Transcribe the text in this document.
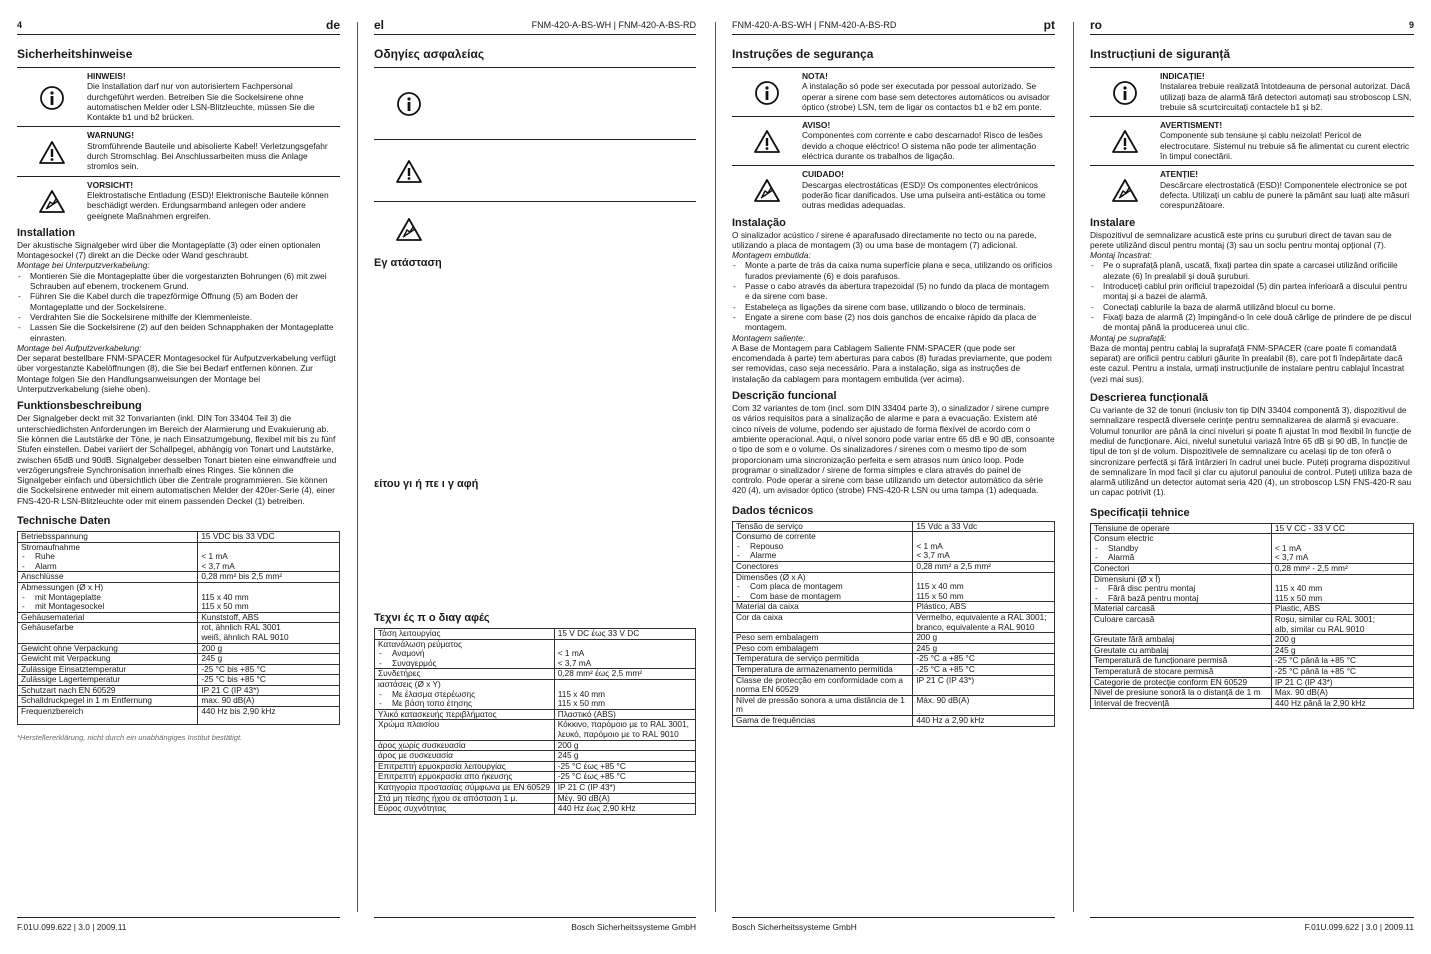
4	de
Sicherheitshinweise
HINWEIS!
Die Installation darf nur von autorisiertem Fachpersonal durchgeführt werden. Betreiben Sie die Sockelsirene ohne automatischen Melder oder LSN-Blitzleuchte, müssen Sie die Kontakte b1 und b2 brücken.
WARNUNG!
Stromführende Bauteile und abisolierte Kabel! Verletzungsgefahr durch Stromschlag. Bei Anschlussarbeiten muss die Anlage stromlos sein.
VORSICHT!
Elektrostatische Entladung (ESD)! Elektronische Bauteile können beschädigt werden. Erdungsarmband anlegen oder andere geeignete Maßnahmen ergreifen.
Installation

Der akustische Signalgeber wird über die Montageplatte (3) oder einen optionalen Montagesockel (7) direkt an die Decke oder Wand geschraubt.

Montage bei Unterputzverkabelung:

- Montieren Sie die Montageplatte über die vorgestanzten Bohrungen (6) mit zwei Schrauben auf ebenem, trockenem Grund.
- Führen Sie die Kabel durch die trapezförmige Öffnung (5) am Boden der Montageplatte und der Sockelsirene.
- Verdrahten Sie die Sockelsirene mithilfe der Klemmenleiste.
- Lassen Sie die Sockelsirene (2) auf den beiden Schnapphaken der Montageplatte einrasten.

Montage bei Aufputzverkabelung:

Der separat bestellbare FNM-SPACER Montagesockel für Aufputzverkabelung verfügt über vorgestanzte Kabelöffnungen (8), die Sie bei Bedarf entfernen können. Zur Montage folgen Sie den Handlungsanweisungen der Montage bei Unterputzverkabelung (siehe oben).

Funktionsbeschreibung

Der Signalgeber deckt mit 32 Tonvarianten (inkl. DIN Ton 33404 Teil 3) die unterschiedlichsten Anforderungen im Bereich der Alarmierung und Evakuierung ab. Sie können die Lautstärke der Töne, je nach Einsatzumgebung, flexibel mit bis zu fünf Stufen einstellen. Dabei variiert der Schallpegel, abhängig von Tonart und Lautstärke, zwischen 65dB und 90dB. Signalgeber desselben Tonart bieten eine einwandfreie und verzögerungsfreie Synchronisation innerhalb eines Ringes. Sie können die Signalgeber einfach und übersichtlich über die Zentrale programmieren. Sie können die Sockelsirene entweder mit einem automatischen Melder der 420er-Serie (4), einer FNS-420-R LSN-Blitzleuchte oder mit einem passenden Deckel (1) betreiben.

Technische Daten
Betriebsspannung	15 VDC bis 33 VDC
Stromaufnahme
- Ruhe
- Alarm	< 1 mA
< 3,7 mA
Anschlüsse	0,28 mm² bis 2,5 mm²
Abmessungen (Ø x H)
- mit Montageplatte
- mit Montagesockel	115 x 40 mm
115 x 50 mm
Gehäusematerial	Kunststoff, ABS
Gehäusefarbe	rot, ähnlich RAL 3001
weiß, ähnlich RAL 9010
Gewicht ohne Verpackung	200 g
Gewicht mit Verpackung	245 g
Zulässige Einsatztemperatur	-25 °C bis +85 °C
Zulässige Lagertemperatur	-25 °C bis +85 °C
Schutzart nach EN 60529	IP 21 C (IP 43*)
Schalldruckpegel in 1 m Entfernung	max. 90 dB(A)
Frequenzbereich	440 Hz bis 2,90 kHz

*Herstellererklärung, nicht durch ein unabhängiges Institut bestätigt.

F.01U.099.622 | 3.0 | 2009.11
el	FNM-420-A-BS-WH | FNM-420-A-BS-RD
Οδηγίες ασφαλείας
Εγ ατάσταση
είτου γι ή πε ι γ αφή
Τεχνι ές π ο διαγ αφές
Τάση λειτουργίας	15 V DC έως 33 V DC
Κατανάλωση ρεύματος
- Αναμονή
- Συναγερμός	< 1 mA
< 3,7 mA
Συνδετήρες	0,28 mm² έως 2,5 mm²
ιαστάσεις (Ø x Y)
- Με έλασμα στερέωσης
- Με βάση τοπο έτησης	115 x 40 mm
115 x 50 mm
Υλικό κατασκευής περιβλήματος	Πλαστικό (ABS)
Χρώμα πλαισίου	Κόκκινο, παρόμοιο με το RAL 3001,
λευκό, παρόμοιο με το RAL 9010
άρος χωρίς συσκευασία	200 g
άρος με συσκευασία	245 g
Επιτρεπτή ερμοκρασία λειτουργίας	-25 °C έως +85 °C
Επιτρεπτή ερμοκρασία απο ήκευσης	-25 °C έως +85 °C
Κατηγορία προστασίας σύμφωνα με EN 60529	IP 21 C (IP 43*)
Στά μη πίεσης ήχου σε απόσταση 1 μ.	Μέγ. 90 dB(A)
Εύρος συχνότητας	440 Hz έως 2,90 kHz
Bosch Sicherheitssysteme GmbH
FNM-420-A-BS-WH | FNM-420-A-BS-RD	pt
Instruções de segurança
NOTA!
A instalação só pode ser executada por pessoal autorizado. Se operar a sirene com base sem detectores automáticos ou avisador óptico (strobe) LSN, tem de ligar os contactos b1 e b2 em ponte.
AVISO!
Componentes com corrente e cabo descarnado! Risco de lesões devido a choque eléctrico! O sistema não pode ter alimentação eléctrica durante os trabalhos de ligação.
CUIDADO!
Descargas electrostáticas (ESD)! Os componentes electrónicos poderão ficar danificados. Use uma pulseira anti-estática ou tome outras medidas adequadas.
Instalação

O sinalizador acústico / sirene é aparafusado directamente no tecto ou na parede, utilizando a placa de montagem (3) ou uma base de montagem (7) adicional.

Montagem embutida:

- Monte a parte de trás da caixa numa superfície plana e seca, utilizando os orifícios furados previamente (6) e dois parafusos.
- Passe o cabo através da abertura trapezoidal (5) no fundo da placa de montagem e da sirene com base.
- Estabeleça as ligações da sirene com base, utilizando o bloco de terminais.
- Engate a sirene com base (2) nos dois ganchos de encaixe rápido da placa de montagem.

Montagem saliente:

A Base de Montagem para Cablagem Saliente FNM-SPACER (que pode ser encomendada à parte) tem aberturas para cabos (8) furadas previamente, que podem ser removidas, caso seja necessário. Para a instalação, siga as instruções de instalação da cablagem para montagem embutida (ver acima).

Descrição funcional

Com 32 variantes de tom (incl. som DIN 33404 parte 3), o sinalizador / sirene cumpre os vários requisitos para a sinalização de alarme e para a evacuação. Existem até cinco níveis de volume, podendo ser ajustado de forma flexível de acordo com o ambiente operacional. Aqui, o nível sonoro pode variar entre 65 dB e 90 dB, consoante o tipo de som e o volume. Os sinalizadores / sirenes com o mesmo tipo de som proporcionam uma sincronização perfeita e sem atrasos num único loop. Pode programar o sinalizador / sirene de forma simples e clara através do painel de controlo. Pode operar a sirene com base utilizando um detector automático da série 420 (4), um avisador óptico (strobe) FNS-420-R LSN ou uma tampa (1) adequada.

Dados técnicos
Tensão de serviço	15 Vdc a 33 Vdc
Consumo de corrente
- Repouso
- Alarme	< 1 mA
< 3,7 mA
Conectores	0,28 mm² a 2,5 mm²
Dimensões (Ø x A)
- Com placa de montagem
- Com base de montagem	115 x 40 mm
115 x 50 mm
Material da caixa	Plástico, ABS
Cor da caixa	Vermelho, equivalente a RAL 3001;
branco, equivalente a RAL 9010
Peso sem embalagem	200 g
Peso com embalagem	245 g
Temperatura de serviço permitida	-25 °C a +85 °C
Temperatura de armazenamento permitida	-25 °C a +85 °C
Classe de protecção em conformidade com a norma EN 60529	IP 21 C (IP 43*)
Nível de pressão sonora a uma distância de 1 m	Máx. 90 dB(A)
Gama de frequências	440 Hz a 2,90 kHz
Bosch Sicherheitssysteme GmbH
ro	9
Instrucțiuni de siguranță
INDICAȚIE!
Instalarea trebuie realizată întotdeauna de personal autorizat. Dacă utilizați baza de alarmă fără detectori automați sau stroboscop LSN, trebuie să scurtcircuitați contactele b1 și b2.
AVERTISMENT!
Componente sub tensiune și cablu neizolat! Pericol de electrocutare. Sistemul nu trebuie să fie alimentat cu curent electric în timpul conectării.
ATENȚIE!
Descărcare electrostatică (ESD)! Componentele electronice se pot defecta. Utilizați un cablu de punere la pământ sau luați alte măsuri corespunzătoare.
Instalare

Dispozitivul de semnalizare acustică este prins cu șuruburi direct de tavan sau de perete utilizând discul pentru montaj (3) sau un soclu pentru montaj opțional (7).

Montaj încastrat:

- Pe o suprafață plană, uscată, fixați partea din spate a carcasei utilizând orificiile alezate (6) în prealabil și două șuruburi.
- Introduceți cablul prin orificiul trapezoidal (5) din partea inferioară a discului pentru montaj și a bazei de alarmă.
- Conectați cablurile la baza de alarmă utilizând blocul cu borne.
- Fixați baza de alarmă (2) împingând-o în cele două cârlige de prindere de pe discul de montaj până la producerea unui clic.

Montaj pe suprafață:

Baza de montaj pentru cablaj la suprafață FNM-SPACER (care poate fi comandată separat) are orificii pentru cabluri găurite în prealabil (8), care pot fi îndepărtate dacă este cazul. Pentru a instala, urmați instrucțiunile de instalare pentru cablajul încastrat (vezi mai sus).

Descrierea funcțională

Cu variante de 32 de tonuri (inclusiv ton tip DIN 33404 componentă 3), dispozitivul de semnalizare respectă diversele cerințe pentru semnalizarea de alarmă și evacuare. Volumul tonurilor are până la cinci niveluri și poate fi ajustat în mod flexibil în funcție de mediul de funcționare. Aici, nivelul sunetului variază între 65 dB și 90 dB, în funcție de tipul de ton și de volum. Dispozitivele de semnalizare cu același tip de ton oferă o sincronizare perfectă și fără întârzieri în cadrul unei bucle. Puteți programa dispozitivul de semnalizare în mod facil și clar cu ajutorul panoului de control. Puteți utiliza baza de alarmă utilizând un detector automat seria 420 (4), un stroboscop LSN FNS-420-R sau un capac potrivit (1).

Specificații tehnice
Tensiune de operare	15 V CC - 33 V CC
Consum electric
- Standby
- Alarmă	< 1 mA
< 3,7 mA
Conectori	0,28 mm² - 2,5 mm²
Dimensiuni (Ø x Î)
- Fără disc pentru montaj
- Fără bază pentru montaj	115 x 40 mm
115 x 50 mm
Material carcasă	Plastic, ABS
Culoare carcasă	Roșu, similar cu RAL 3001;
alb, similar cu RAL 9010
Greutate fără ambalaj	200 g
Greutate cu ambalaj	245 g
Temperatură de funcționare permisă	-25 °C până la +85 °C
Temperatură de stocare permisă	-25 °C până la +85 °C
Categorie de protecție conform EN 60529	IP 21 C (IP 43*)
Nivel de presiune sonoră la o distanță de 1 m	Max. 90 dB(A)
Interval de frecvență	440 Hz până la 2,90 kHz
F.01U.099.622 | 3.0 | 2009.11
